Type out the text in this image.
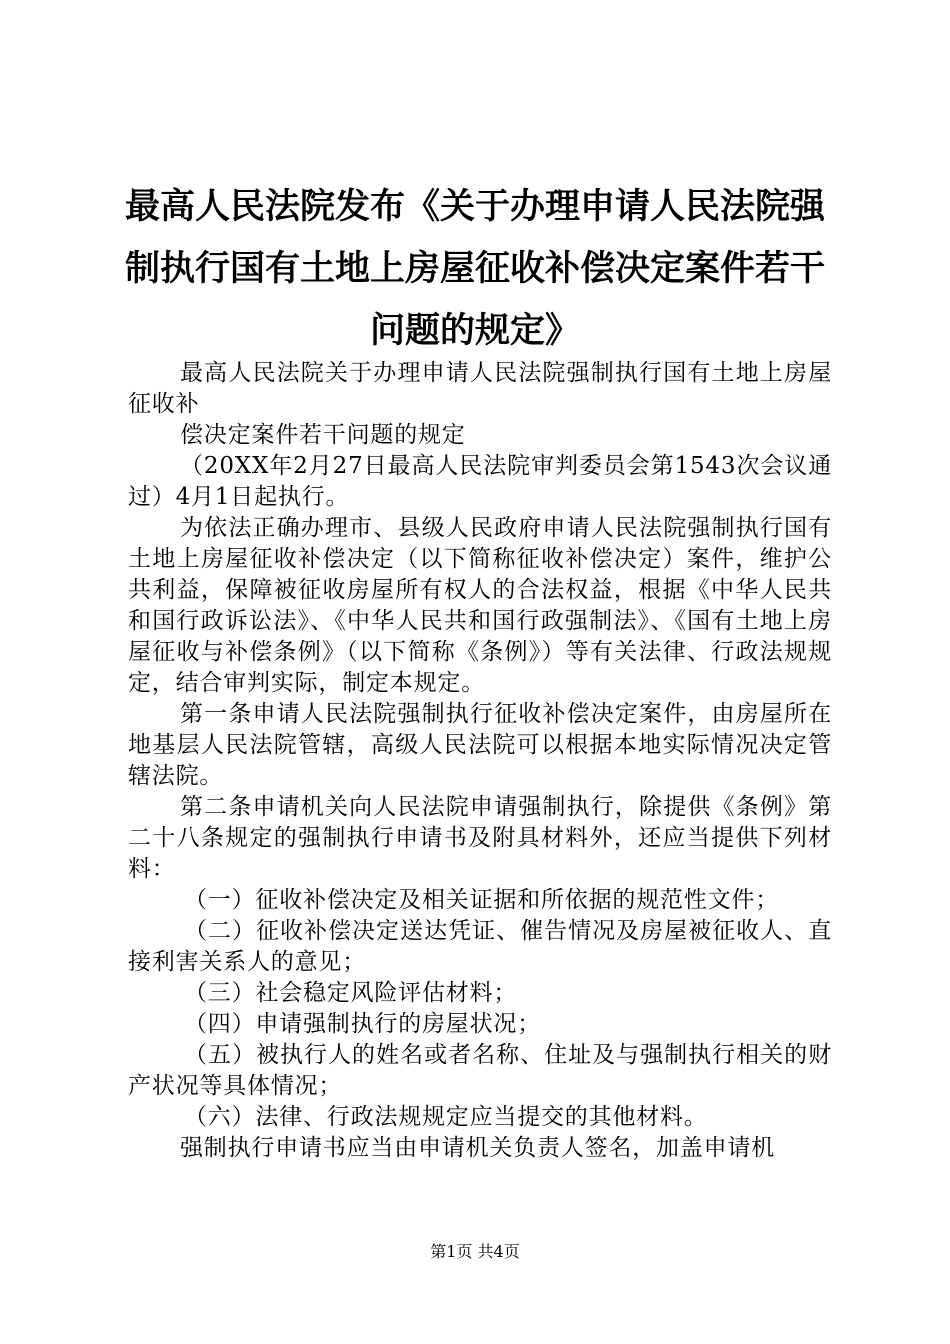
最高人民法院发布《关于办理申请人民法院强
制执行国有土地上房屋征收补偿决定案件若干
问题的规定》

最高人民法院关于办理申请人民法院强制执行国有土地上房屋征收补

偿决定案件若干问题的规定

（20XX年2月27日最高人民法院审判委员会第1543次会议通过）4月1日起执行。

为依法正确办理市、县级人民政府申请人民法院强制执行国有土地上房屋征收补偿决定（以下简称征收补偿决定）案件，维护公共利益，保障被征收房屋所有权人的合法权益，根据《中华人民共和国行政诉讼法》、《中华人民共和国行政强制法》、《国有土地上房屋征收与补偿条例》（以下简称《条例》）等有关法律、行政法规规定，结合审判实际，制定本规定。

第一条申请人民法院强制执行征收补偿决定案件，由房屋所在地基层人民法院管辖，高级人民法院可以根据本地实际情况决定管辖法院。

第二条申请机关向人民法院申请强制执行，除提供《条例》第二十八条规定的强制执行申请书及附具材料外，还应当提供下列材料：

（一）征收补偿决定及相关证据和所依据的规范性文件；

（二）征收补偿决定送达凭证、催告情况及房屋被征收人、直接利害关系人的意见；

（三）社会稳定风险评估材料；

（四）申请强制执行的房屋状况；

（五）被执行人的姓名或者名称、住址及与强制执行相关的财产状况等具体情况；

（六）法律、行政法规规定应当提交的其他材料。

强制执行申请书应当由申请机关负责人签名，加盖申请机

第1页 共4页
